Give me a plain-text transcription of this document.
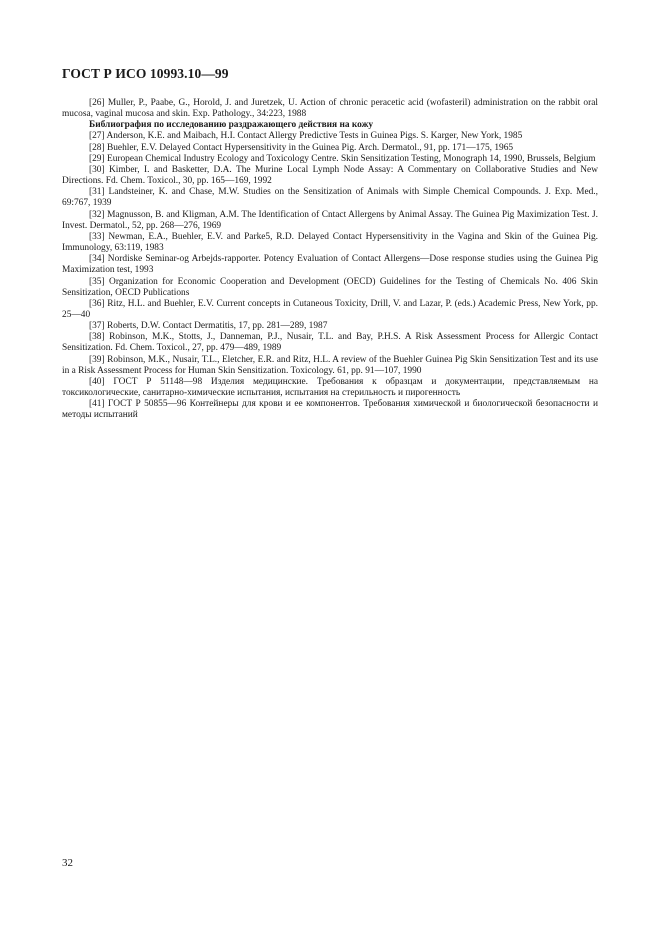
ГОСТ Р ИСО 10993.10—99

[26] Muller, P., Paabe, G., Horold, J. and Juretzek, U. Action of chronic peracetic acid (wofasteril) administration on the rabbit oral mucosa, vaginal mucosa and skin. Exp. Pathology., 34:223, 1988

Библиография по исследованию раздражающего действия на кожу

[27] Anderson, K.E. and Maibach, H.I. Contact Allergy Predictive Tests in Guinea Pigs. S. Karger, New York, 1985

[28] Buehler, E.V. Delayed Contact Hypersensitivity in the Guinea Pig. Arch. Dermatol., 91, pp. 171—175, 1965

[29] European Chemical Industry Ecology and Toxicology Centre. Skin Sensitization Testing, Monograph 14, 1990, Brussels, Belgium

[30] Kimber, I. and Basketter, D.A. The Murine Local Lymph Node Assay: A Commentary on Collaborative Studies and New Directions. Fd. Chem. Toxicol., 30, pp. 165—169, 1992

[31] Landsteiner, K. and Chase, M.W. Studies on the Sensitization of Animals with Simple Chemical Compounds. J. Exp. Med., 69:767, 1939

[32] Magnusson, B. and Kligman, A.M. The Identification of Cntact Allergens by Animal Assay. The Guinea Pig Maximization Test. J. Invest. Dermatol., 52, pp. 268—276, 1969

[33] Newman, E.A., Buehler, E.V. and Parke5, R.D. Delayed Contact Hypersensitivity in the Vagina and Skin of the Guinea Pig. Immunology, 63:119, 1983

[34] Nordiske Seminar-og Arbejds-rapporter. Potency Evaluation of Contact Allergens—Dose response studies using the Guinea Pig Maximization test, 1993

[35] Organization for Economic Cooperation and Development (OECD) Guidelines for the Testing of Chemicals No. 406 Skin Sensitization, OECD Publications

[36] Ritz, H.L. and Buehler, E.V. Current concepts in Cutaneous Toxicity, Drill, V. and Lazar, P. (eds.) Academic Press, New York, pp. 25—40

[37] Roberts, D.W. Contact Dermatitis, 17, pp. 281—289, 1987

[38] Robinson, M.K., Stotts, J., Danneman, P.J., Nusair, T.L. and Bay, P.H.S. A Risk Assessment Process for Allergic Contact Sensitization. Fd. Chem. Toxicol., 27, pp. 479—489, 1989

[39] Robinson, M.K., Nusair, T.L., Eletcher, E.R. and Ritz, H.L. A review of the Buehler Guinea Pig Skin Sensitization Test and its use in a Risk Assessment Process for Human Skin Sensitization. Toxicology. 61, pp. 91—107, 1990

[40] ГОСТ Р 51148—98 Изделия медицинские. Требования к образцам и документации, представляемым на токсикологические, санитарно-химические испытания, испытания на стерильность и пирогенность

[41] ГОСТ Р 50855—96 Контейнеры для крови и ее компонентов. Требования химической и биологической безопасности и методы испытаний

32
